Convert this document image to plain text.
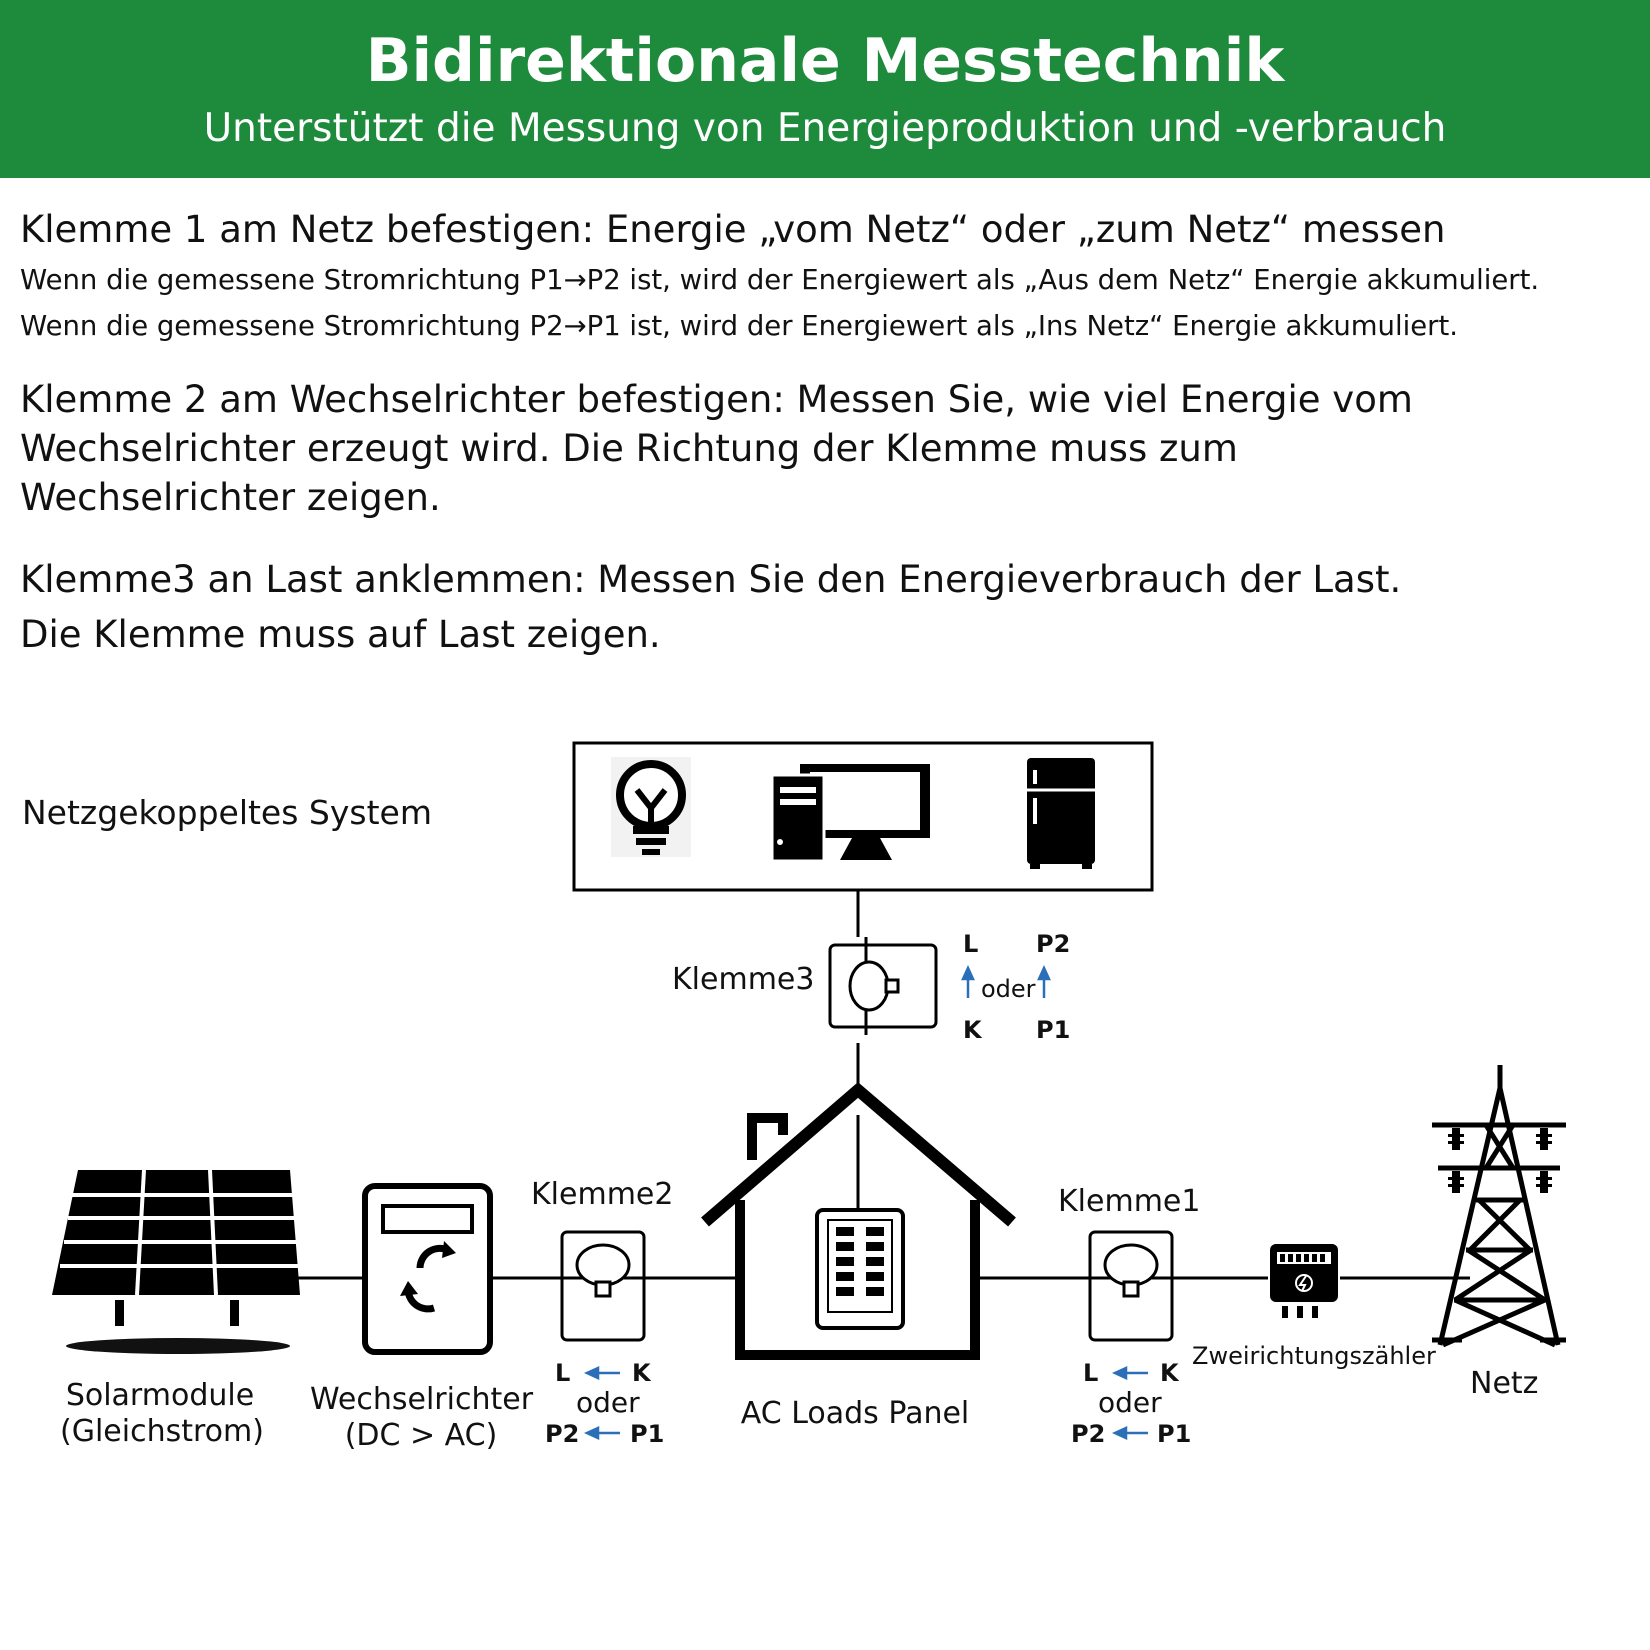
Bidirektionale Messtechnik
Unterstützt die Messung von Energieproduktion und -verbrauch
Klemme 1 am Netz befestigen: Energie „vom Netz“ oder „zum Netz“ messen
Wenn die gemessene Stromrichtung P1→P2 ist, wird der Energiewert als „Aus dem Netz“ Energie akkumuliert.
Wenn die gemessene Stromrichtung P2→P1 ist, wird der Energiewert als „Ins Netz“ Energie akkumuliert.
Klemme 2 am Wechselrichter befestigen: Messen Sie, wie viel Energie vom
Wechselrichter erzeugt wird. Die Richtung der Klemme muss zum
Wechselrichter zeigen.
Klemme3 an Last anklemmen: Messen Sie den Energieverbrauch der Last.
Die Klemme muss auf Last zeigen.
Netzgekoppeltes System
Klemme3
L P2
oder
K P1
Klemme2
L	K
oder
P2 P1
Klemme1
L	K
oder
P2 P1
Solarmodule
(Gleichstrom)
Wechselrichter
(DC > AC)
AC Loads Panel
Zweirichtungszähler
Netz
